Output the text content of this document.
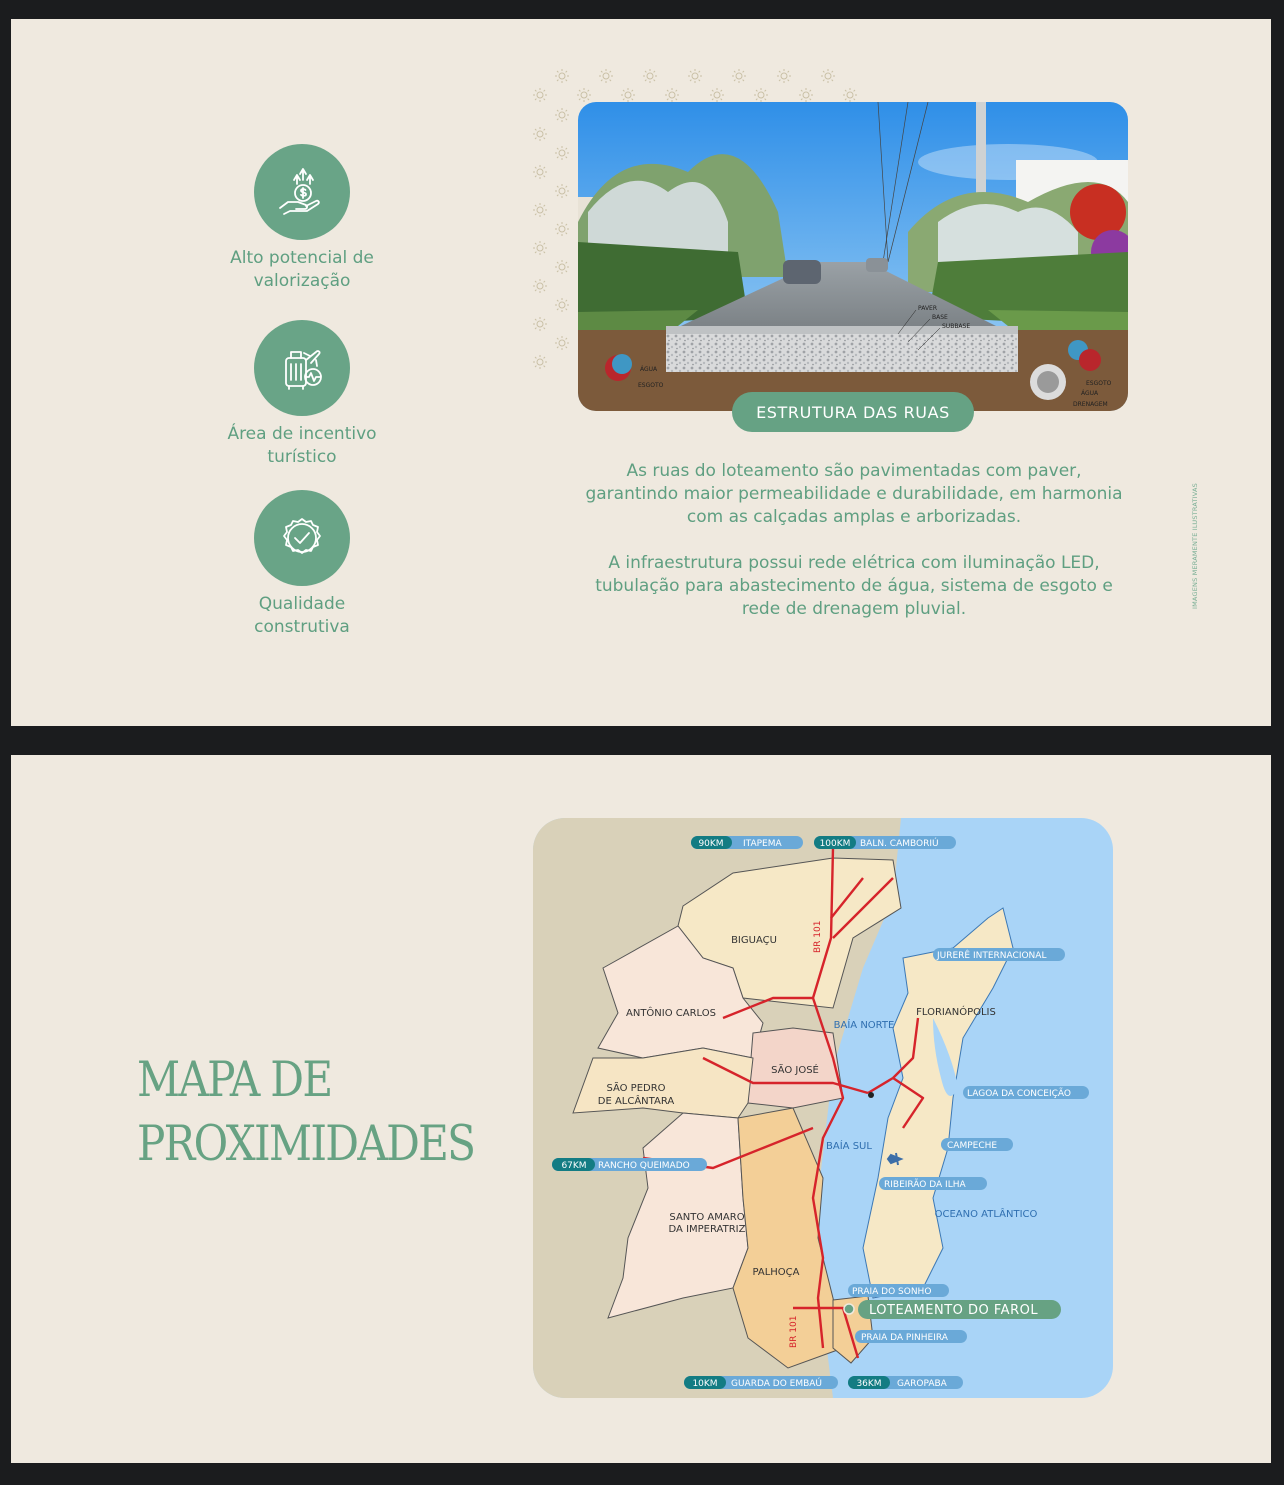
Alto potencial de
valorização
Área de incentivo
turístico
Qualidade
construtiva
PAVER
BASE
SUBBASE
ÁGUA
ESGOTO	ESGOTO
ÁGUA
DRENAGEM
ESTRUTURA DAS RUAS
As ruas do loteamento são pavimentadas com paver, garantindo maior permeabilidade e durabilidade, em harmonia com as calçadas amplas e arborizadas.
A infraestrutura possui rede elétrica com iluminação LED, tubulação para abastecimento de água, sistema de esgoto e rede de drenagem pluvial.	IMAGENS MERAMENTE ILUSTRATIVAS
MAPA DE
PROXIMIDADES
BIGUAÇU
ANTÔNIO CARLOS
SÃO JOSÉ
SÃO PEDRO
DE ALCÂNTARA
SANTO AMARO
DA IMPERATRIZ
PALHOÇA
FLORIANÓPOLIS
BAÍA NORTE
BAÍA SUL
OCEANO ATLÂNTICO
BR 101
BR 101
90KM ITAPEMA	100KM BALN. CAMBORIÚ
67KM RANCHO QUEIMADO
10KM GUARDA DO EMBAÚ	36KM GAROPABA
JURERÊ INTERNACIONAL
LAGOA DA CONCEIÇÃO
CAMPECHE
RIBEIRÃO DA ILHA
PRAIA DO SONHO
PRAIA DA PINHEIRA
LOTEAMENTO DO FAROL
